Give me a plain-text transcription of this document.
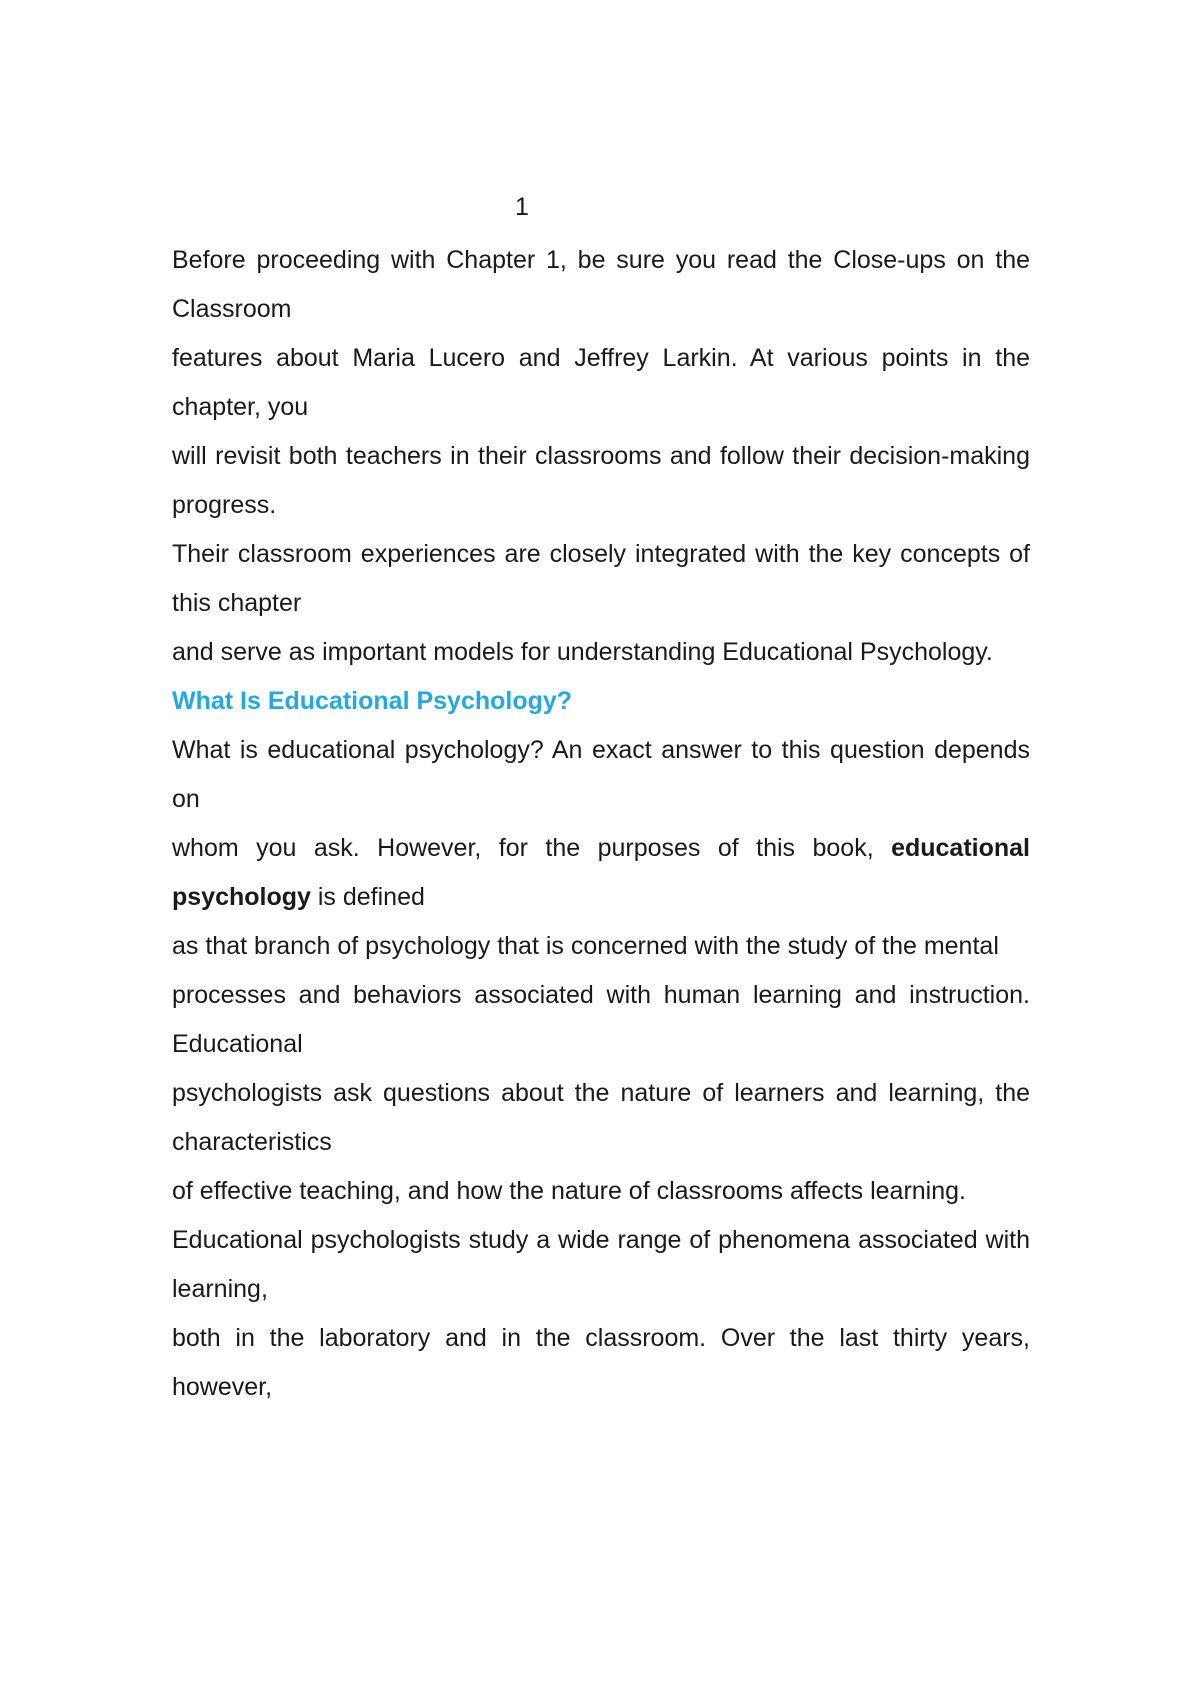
1

Before proceeding with Chapter 1, be sure you read the Close-ups on the Classroom

features about Maria Lucero and Jeffrey Larkin. At various points in the chapter, you

will revisit both teachers in their classrooms and follow their decision-making progress.

Their classroom experiences are closely integrated with the key concepts of this chapter

and serve as important models for understanding Educational Psychology.

What Is Educational Psychology?

What is educational psychology? An exact answer to this question depends on

whom you ask. However, for the purposes of this book, educational psychology is defined

as that branch of psychology that is concerned with the study of the mental

processes and behaviors associated with human learning and instruction. Educational

psychologists ask questions about the nature of learners and learning, the characteristics

of effective teaching, and how the nature of classrooms affects learning.

Educational psychologists study a wide range of phenomena associated with learning,

both in the laboratory and in the classroom. Over the last thirty years, however,
